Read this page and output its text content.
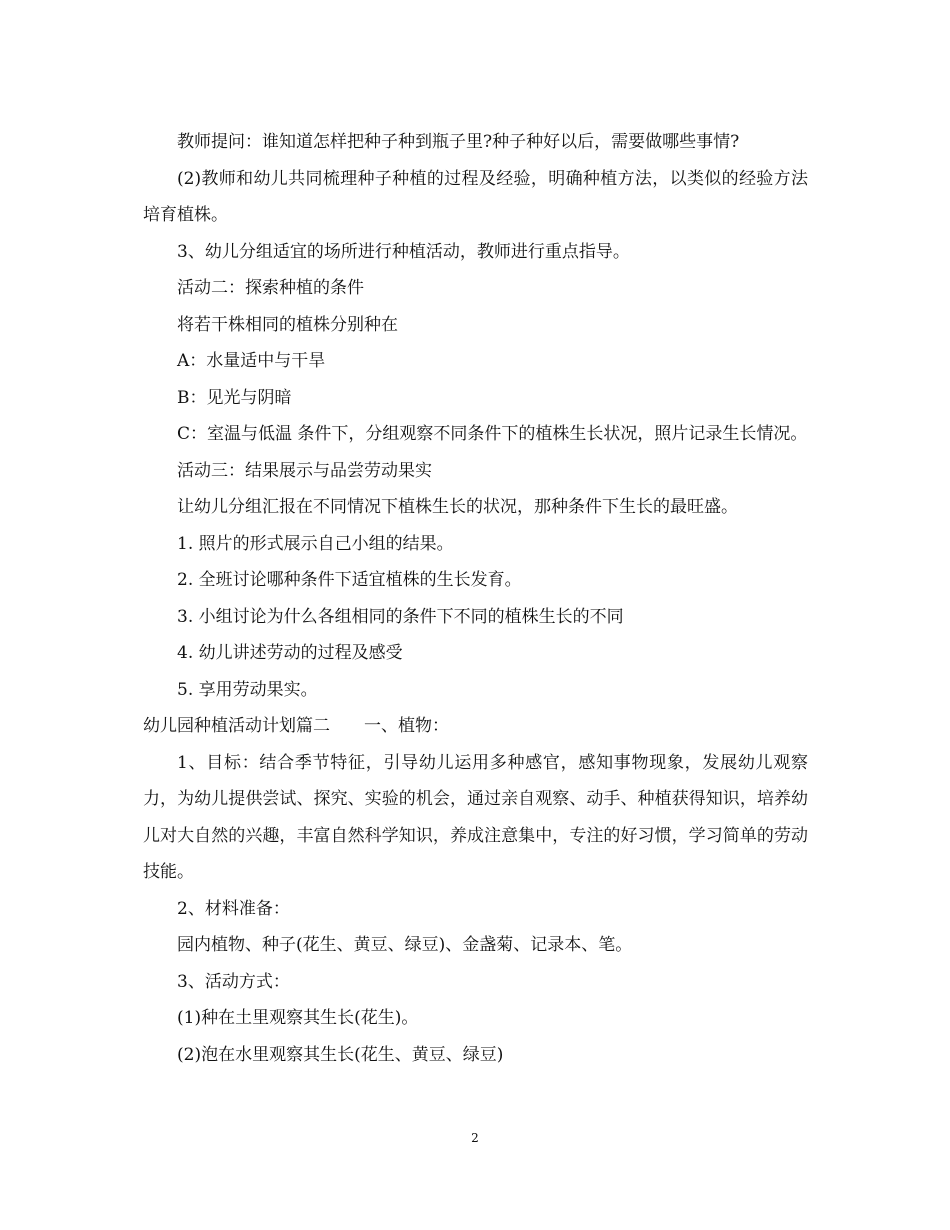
教师提问：谁知道怎样把种子种到瓶子里?种子种好以后，需要做哪些事情?

(2)教师和幼儿共同梳理种子种植的过程及经验，明确种植方法，以类似的经验方法培育植株。

3、幼儿分组适宜的场所进行种植活动，教师进行重点指导。

活动二：探索种植的条件

将若干株相同的植株分别种在

A：水量适中与干旱

B：见光与阴暗

C：室温与低温 条件下，分组观察不同条件下的植株生长状况，照片记录生长情况。

活动三：结果展示与品尝劳动果实

让幼儿分组汇报在不同情况下植株生长的状况，那种条件下生长的最旺盛。

1. 照片的形式展示自己小组的结果。

2. 全班讨论哪种条件下适宜植株的生长发育。

3. 小组讨论为什么各组相同的条件下不同的植株生长的不同

4. 幼儿讲述劳动的过程及感受

5. 享用劳动果实。

幼儿园种植活动计划篇二　　一、植物：

1、目标：结合季节特征，引导幼儿运用多种感官，感知事物现象，发展幼儿观察力，为幼儿提供尝试、探究、实验的机会，通过亲自观察、动手、种植获得知识，培养幼儿对大自然的兴趣，丰富自然科学知识，养成注意集中，专注的好习惯，学习简单的劳动技能。

2、材料准备：

园内植物、种子(花生、黄豆、绿豆)、金盏菊、记录本、笔。

3、活动方式：

(1)种在土里观察其生长(花生)。

(2)泡在水里观察其生长(花生、黄豆、绿豆)

2
